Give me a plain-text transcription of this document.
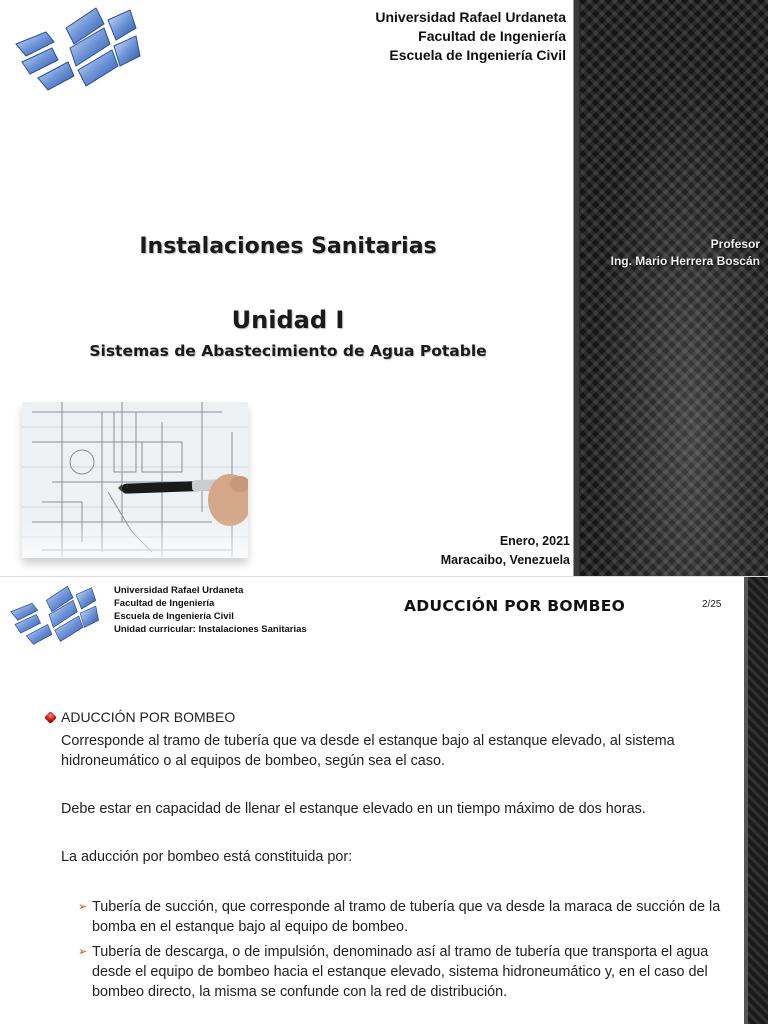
Universidad Rafael Urdaneta
Facultad de Ingeniería
Escuela de Ingeniería Civil
Instalaciones Sanitarias
Unidad I
Sistemas de Abastecimiento de Agua Potable
Profesor
Ing. Mario Herrera Boscán
Enero, 2021
Maracaibo, Venezuela
Universidad Rafael Urdaneta
Facultad de Ingeniería
Escuela de Ingeniería Civil
Unidad curricular: Instalaciones Sanitarias
ADUCCIÓN POR BOMBEO	2/25
ADUCCIÓN POR BOMBEO

Corresponde al tramo de tubería que va desde el estanque bajo al estanque elevado, al sistema hidroneumático o al equipos de bombeo, según sea el caso.

Debe estar en capacidad de llenar el estanque elevado en un tiempo máximo de dos horas.

La aducción por bombeo está constituida por:

➢ Tubería de succión, que corresponde al tramo de tubería que va desde la maraca de succión de la bomba en el estanque bajo al equipo de bombeo.
➢ Tubería de descarga, o de impulsión, denominado así al tramo de tubería que transporta el agua desde el equipo de bombeo hacia el estanque elevado, sistema hidroneumático y, en el caso del bombeo directo, la misma se confunde con la red de distribución.
